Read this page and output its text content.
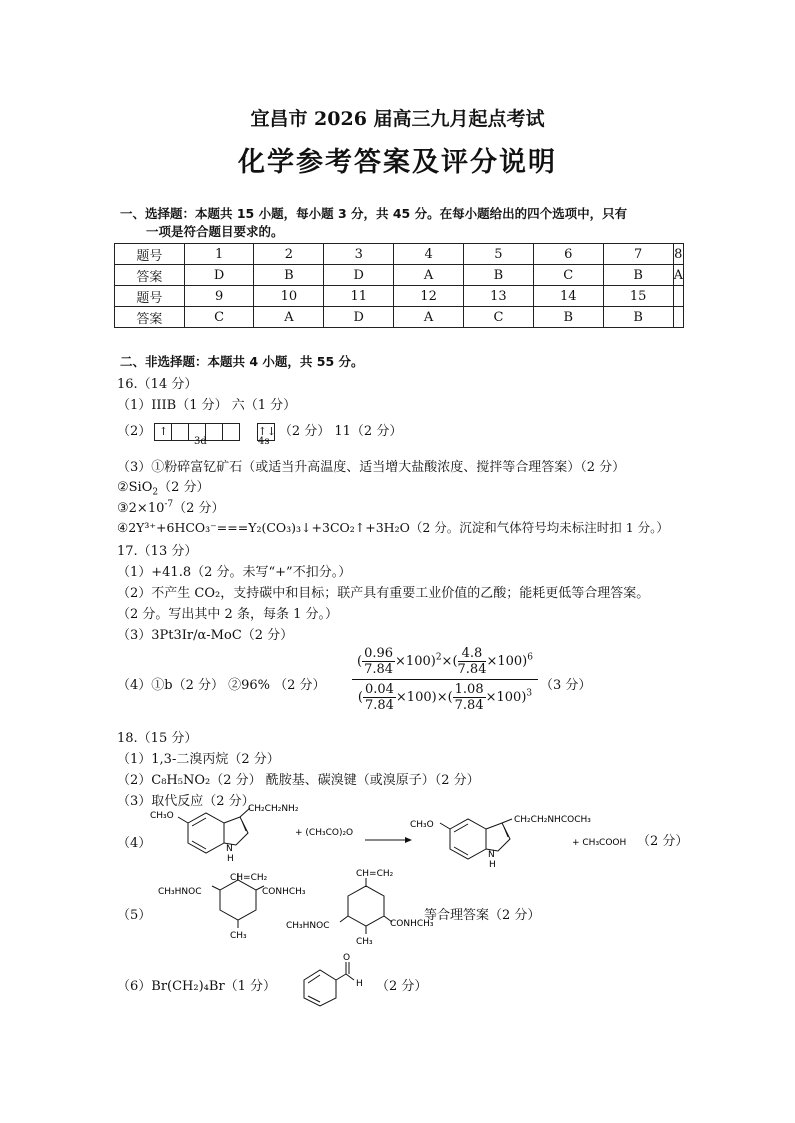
宜昌市 2026 届高三九月起点考试
化学参考答案及评分说明
一、选择题：本题共 15 小题，每小题 3 分，共 45 分。在每小题给出的四个选项中，只有
一项是符合题目要求的。
题号	1	2	3	4	5	6	7	8
答案	D	B	D	A	B	C	B	A
题号	9	10	11	12	13	14	15	
答案	C	A	D	A	C	B	B	
二、非选择题：本题共 4 小题，共 55 分。
16.（14 分）
（1）IIIB（1 分） 六（1 分）
（2） ↑	↑↓ （2 分） 11（2 分）
3d	4s
（3）①粉碎富钇矿石（或适当升高温度、适当增大盐酸浓度、搅拌等合理答案）（2 分）
②SiO$_2$（2 分）
$③2\times 10^{-7}(2$ 分）
④2Y³⁺+6HCO₃⁻===Y₂(CO₃)₃↓+3CO₂↑+3H₂O（2 分。沉淀和气体符号均未标注时扣 1 分。）
17.（13 分）
（1）+41.8（2 分。未写“+”不扣分。）
（2）不产生 CO₂，支持碳中和目标；联产具有重要工业价值的乙酸；能耗更低等合理答案。
（2 分。写出其中 2 条，每条 1 分。）
（3）3Pt3Ir/α-MoC（2 分）
（4）①b（2 分） ②96% （2 分） $\frac{( \frac{0.96}{7.84} \times 100)^2\times( \frac{4.8}{7.84} \times 100)^6}{( \frac{0.04}{7.84} \times 100)\times( \frac{1.08}{7.84} \times 100)^3} (3$ 分）
18.（15 分）
（1）1,3-二溴丙烷（2 分）
（2）C₈H₅NO₂（2 分） 酰胺基、碳溴键（或溴原子）（2 分）
（3）取代反应（2 分）
（4）
CH₃O
CH₂CH₂NH₂
N
H
+ (CH₃CO)₂O
CH₃O	CH₂CH₂NHCOCH₃
N
H
+ CH₃COOH （2 分）
（5）
CH=CH₂
CH₃HNOC	CONHCH₃
CH₃
CH=CH₂
CH₃HNOC	CONHCH₃
CH₃
等合理答案（2 分）
（6）Br(CH₂)₄Br（1 分）
O
H （2 分）
